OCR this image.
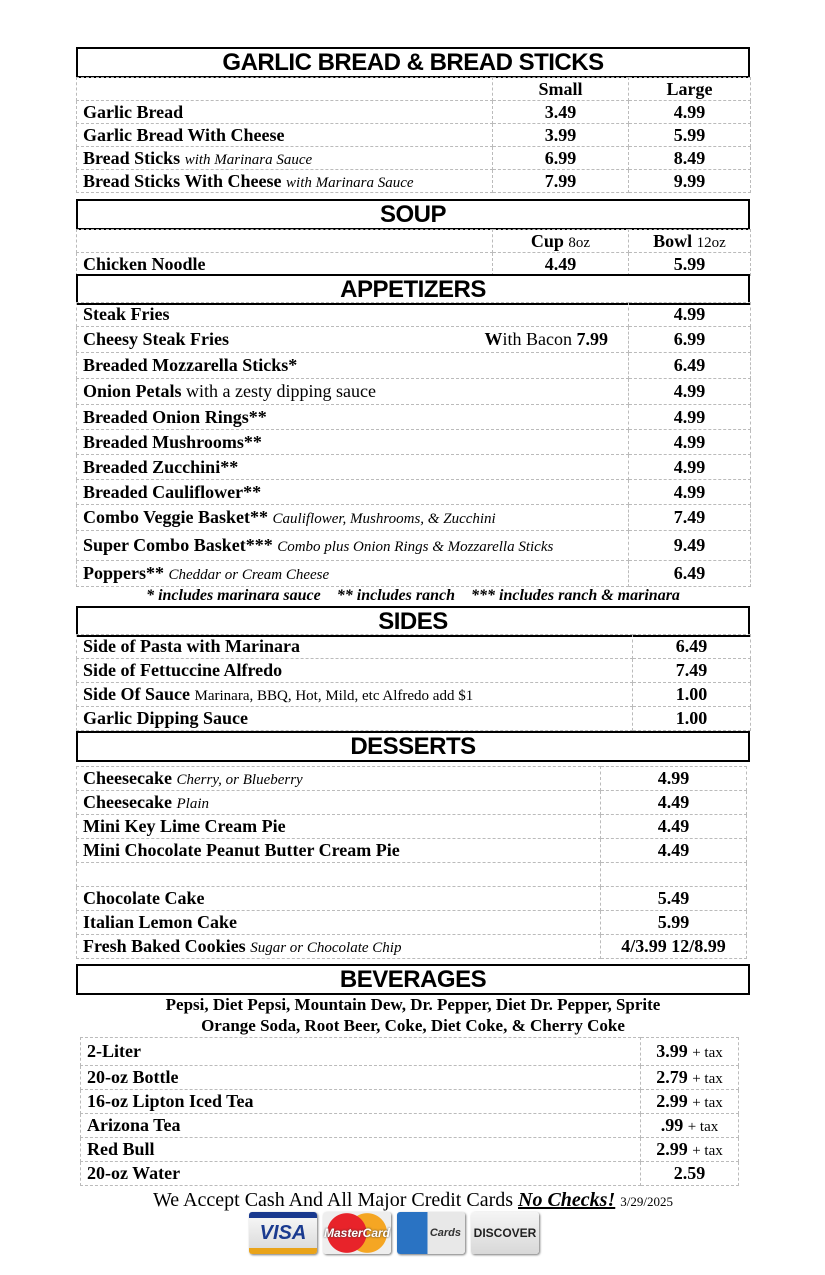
GARLIC BREAD & BREAD STICKS
	Small	Large
Garlic Bread	3.49	4.99
Garlic Bread With Cheese	3.99	5.99
Bread Sticks with Marinara Sauce	6.99	8.49
Bread Sticks With Cheese with Marinara Sauce	7.99	9.99
SOUP
	Cup 8oz	Bowl 12oz
Chicken Noodle	4.49	5.99
APPETIZERS
Steak Fries	4.99
Cheesy Steak Fries With Bacon 7.99	6.99
Breaded Mozzarella Sticks*	6.49
Onion Petals with a zesty dipping sauce	4.99
Breaded Onion Rings**	4.99
Breaded Mushrooms**	4.99
Breaded Zucchini**	4.99
Breaded Cauliflower**	4.99
Combo Veggie Basket** Cauliflower, Mushrooms, & Zucchini	7.49
Super Combo Basket*** Combo plus Onion Rings & Mozzarella Sticks	9.49
Poppers** Cheddar or Cream Cheese	6.49
* includes marinara sauce    ** includes ranch    *** includes ranch & marinara
SIDES
Side of Pasta with Marinara	6.49
Side of Fettuccine Alfredo	7.49
Side Of Sauce Marinara, BBQ, Hot, Mild, etc Alfredo add $1	1.00
Garlic Dipping Sauce	1.00
DESSERTS
Cheesecake Cherry, or Blueberry	4.99
Cheesecake Plain	4.49
Mini Key Lime Cream Pie	4.49
Mini Chocolate Peanut Butter Cream Pie	4.49

Chocolate Cake	5.49
Italian Lemon Cake	5.99
Fresh Baked Cookies Sugar or Chocolate Chip	4/3.99 12/8.99
BEVERAGES
Pepsi, Diet Pepsi, Mountain Dew, Dr. Pepper, Diet Dr. Pepper, Sprite
Orange Soda, Root Beer, Coke, Diet Coke, & Cherry Coke
2-Liter	3.99 + tax
20-oz Bottle	2.79 + tax
16-oz Lipton Iced Tea	2.99 + tax
Arizona Tea	.99 + tax
Red Bull	2.99 + tax
20-oz Water	2.59
We Accept Cash And All Major Credit Cards No Checks! 3/29/2025
VISA MasterCard	Cards DISCOVER
